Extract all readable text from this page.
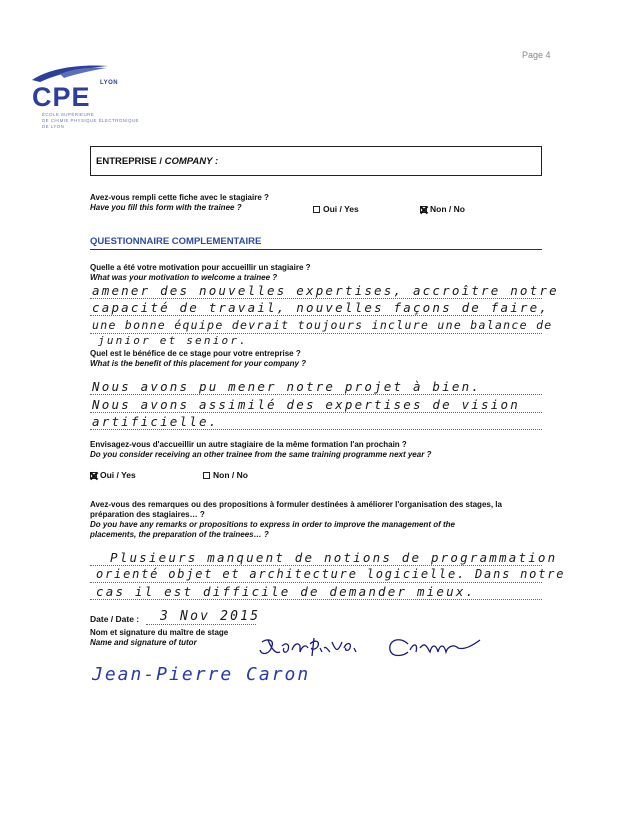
Page 4
LYON
CPE
ÉCOLE SUPÉRIEURE
DE CHIMIE PHYSIQUE ÉLECTRONIQUE
DE LYON
ENTREPRISE / COMPANY :
Avez-vous rempli cette fiche avec le stagiaire ?
Have you fill this form with the trainee ?	Oui / Yes	Non / No
QUESTIONNAIRE COMPLEMENTAIRE
Quelle a été votre motivation pour accueillir un stagiaire ?
What was your motivation to welcome a trainee ?
amener des nouvelles expertises, accroître notre
capacité de travail, nouvelles façons de faire,
une bonne équipe devrait toujours inclure une balance de
junior et senior.
Quel est le bénéfice de ce stage pour votre entreprise ?
What is the benefit of this placement for your company ?
Nous avons pu mener notre projet à bien.
Nous avons assimilé des expertises de vision
artificielle.
Envisagez-vous d'accueillir un autre stagiaire de la même formation l'an prochain ?
Do you consider receiving an other trainee from the same training programme next year ?
Oui / Yes	Non / No
Avez-vous des remarques ou des propositions à formuler destinées à améliorer l'organisation des stages, la
préparation des stagiaires… ?
Do you have any remarks or propositions to express in order to improve the management of the
placements, the preparation of the trainees… ?
Plusieurs manquent de notions de programmation
orienté objet et architecture logicielle. Dans notre
cas il est difficile de demander mieux.
Date / Date : 3 Nov 2015
Nom et signature du maître de stage
Name and signature of tutor
Jean-Pierre Caron
